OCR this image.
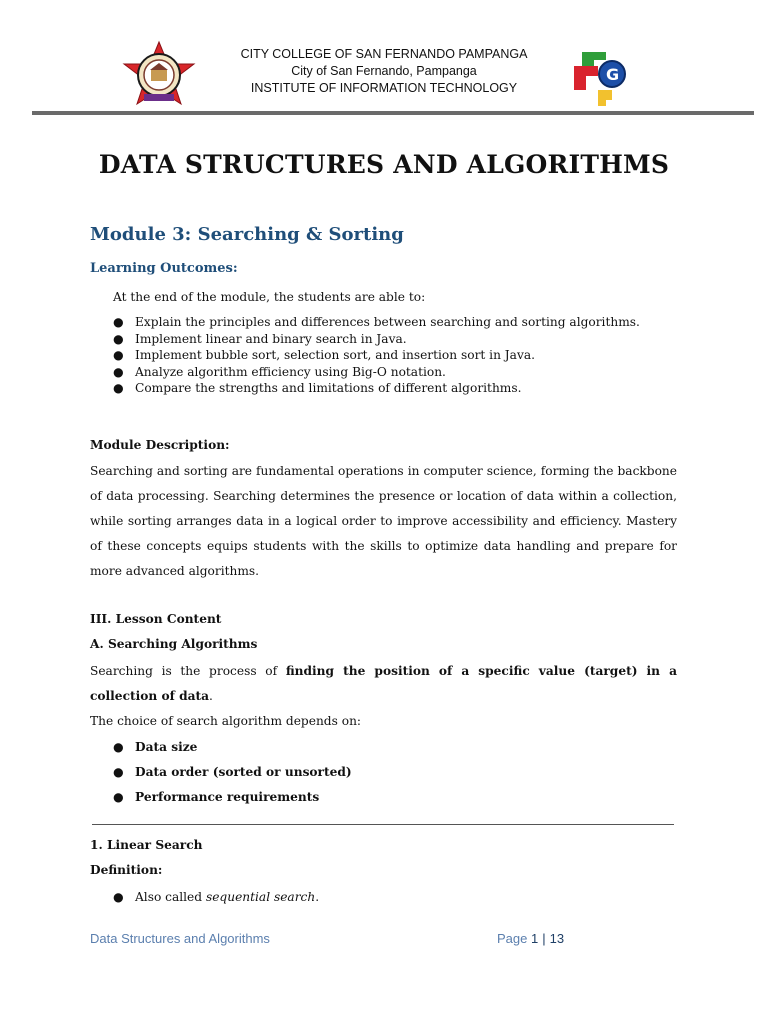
CITY COLLEGE OF SAN FERNANDO PAMPANGA
City of San Fernando, Pampanga
INSTITUTE OF INFORMATION TECHNOLOGY
G
DATA STRUCTURES AND ALGORITHMS
Module 3: Searching & Sorting
Learning Outcomes:
At the end of the module, the students are able to:
● Explain the principles and differences between searching and sorting algorithms.
● Implement linear and binary search in Java.
● Implement bubble sort, selection sort, and insertion sort in Java.
● Analyze algorithm efficiency using Big-O notation.
● Compare the strengths and limitations of different algorithms.
Module Description:
Searching and sorting are fundamental operations in computer science, forming the backbone of data processing. Searching determines the presence or location of data within a collection, while sorting arranges data in a logical order to improve accessibility and efficiency. Mastery of these concepts equips students with the skills to optimize data handling and prepare for more advanced algorithms.
III. Lesson Content
A. Searching Algorithms
Searching is the process of finding the position of a specific value (target) in a collection of data.
The choice of search algorithm depends on:
● Data size
● Data order (sorted or unsorted)
● Performance requirements
1. Linear Search
Definition:
● Also called sequential search.
Data Structures and Algorithms	Page 1 | 13
